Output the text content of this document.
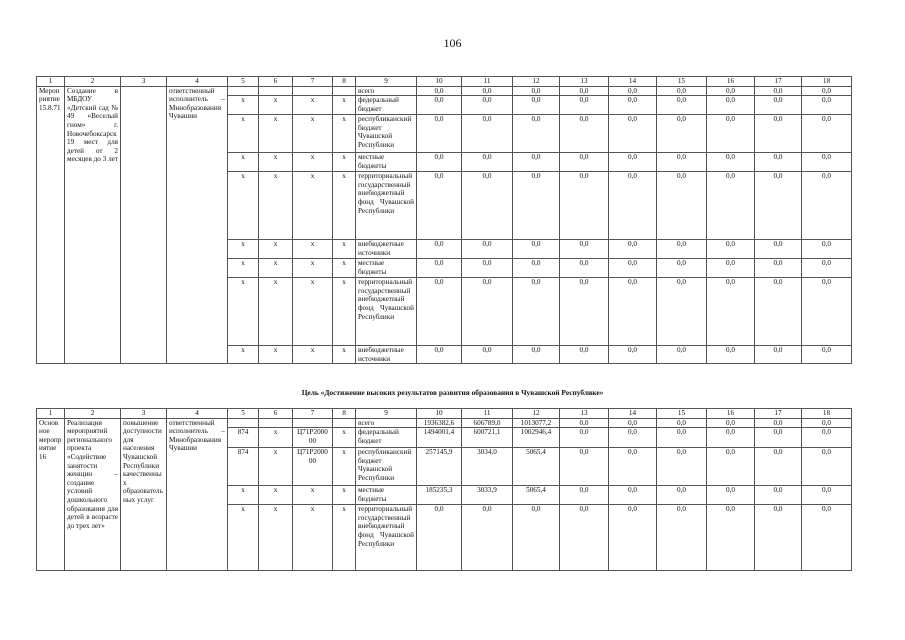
106
1	2	3	4	5	6	7	8	9	10	11	12	13	14	15	16	17	18
Мероприятие 15.8.71	Создание в МБДОУ «Детский сад № 49 «Веселый гном» г. Новочебоксарск 19 мест для детей от 2 месяцев до 3 лет		ответственный исполнитель – Минобразования Чувашии					всего	0,0	0,0	0,0	0,0	0,0	0,0	0,0	0,0	0,0
				x	x	x	x	федеральный бюджет	0,0	0,0	0,0	0,0	0,0	0,0	0,0	0,0	0,0
				x	x	x	x	республиканский бюджет Чувашской Республики	0,0	0,0	0,0	0,0	0,0	0,0	0,0	0,0	0,0
				x	x	x	x	местные бюджеты	0,0	0,0	0,0	0,0	0,0	0,0	0,0	0,0	0,0
				x	x	x	x	территориальный государственный внебюджетный фонд Чувашской Республики	0,0	0,0	0,0	0,0	0,0	0,0	0,0	0,0	0,0
				x	x	x	x	внебюджетные источники	0,0	0,0	0,0	0,0	0,0	0,0	0,0	0,0	0,0
				x	x	x	x	местные бюджеты	0,0	0,0	0,0	0,0	0,0	0,0	0,0	0,0	0,0
				x	x	x	x	территориальный государственный внебюджетный фонд Чувашской Республики	0,0	0,0	0,0	0,0	0,0	0,0	0,0	0,0	0,0
				x	x	x	x	внебюджетные источники	0,0	0,0	0,0	0,0	0,0	0,0	0,0	0,0	0,0
Цель «Достижение высоких результатов развития образования в Чувашской Республике»
1	2	3	4	5	6	7	8	9	10	11	12	13	14	15	16	17	18
Основное мероприятие 16	Реализация мероприятий регионального проекта «Содействие занятости женщин – создание условий дошкольного образования для детей в возрасте до трех лет»	повышение доступности для населения Чувашской Республики качественных образовательных услуг	ответственный исполнитель – Минобразования Чувашии					всего	1936382,6	606789,0	1013077,2	0,0	0,0	0,0	0,0	0,0	0,0
				874	x	Ц71P2000 00	x	федеральный бюджет	1494001,4	600721,1	1002946,4	0,0	0,0	0,0	0,0	0,0	0,0
				874	x	Ц71P2000 00	x	республиканский бюджет Чувашской Республики	257145,9	3034,0	5065,4	0,0	0,0	0,0	0,0	0,0	0,0
				x	x	x	x	местные бюджеты	185235,3	3033,9	5065,4	0,0	0,0	0,0	0,0	0,0	0,0
				x	x	x	x	территориальный государственный внебюджетный фонд Чувашской Республики	0,0	0,0	0,0	0,0	0,0	0,0	0,0	0,0	0,0
